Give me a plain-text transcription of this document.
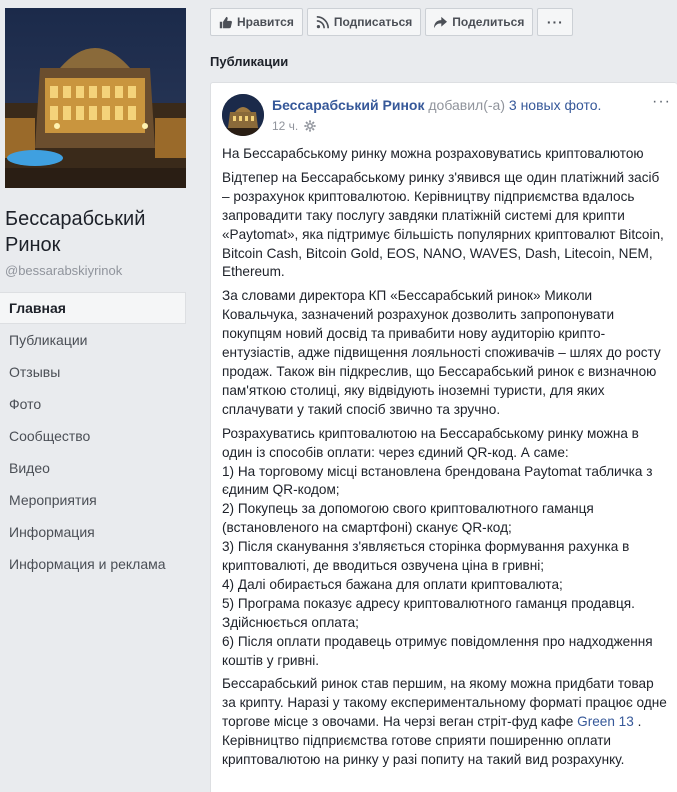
Бессарабський Ринок
@bessarabskiyrinok
Главная
Публикации
Отзывы
Фото
Сообщество
Видео
Мероприятия
Информация
Информация и реклама
Нравится	Подписаться	Поделиться ···
Публикации
Бессарабський Ринок добавил(-а) 3 новых фото.
12 ч.
···

На Бессарабському ринку можна розраховуватись криптовалютою

Відтепер на Бессарабському ринку з'явився ще один платіжний засіб – розрахунок криптовалютою. Керівництву підприємства вдалось запровадити таку послугу завдяки платіжній системі для крипти «Paytomat», яка підтримує більшість популярних криптовалют Bitcoin, Bitcoin Cash, Bitcoin Gold, EOS, NANO, WAVES, Dash, Litecoin, NEM, Ethereum.

За словами директора КП «Бессарабський ринок» Миколи Ковальчука, зазначений розрахунок дозволить запропонувати покупцям новий досвід та привабити нову аудиторію крипто-ентузіастів, адже підвищення лояльності споживачів – шлях до росту продаж. Також він підкреслив, що Бессарабський ринок є визначною пам'яткою столиці, яку відвідують іноземні туристи, для яких сплачувати у такий спосіб звично та зручно.

Розрахуватись криптовалютою на Бессарабському ринку можна в один із способів оплати: через єдиний QR-код. А саме:

1) На торговому місці встановлена брендована Paytomat табличка з єдиним QR-кодом;

2) Покупець за допомогою свого криптовалютного гаманця (встановленого на смартфоні) сканує QR-код;

3) Після сканування з'являється сторінка формування рахунка в криптовалюті, де вводиться озвучена ціна в гривні;

4) Далі обирається бажана для оплати криптовалюта;

5) Програма показує адресу криптовалютного гаманця продавця. Здійснюється оплата;

6) Після оплати продавець отримує повідомлення про надходження коштів у гривні.

Бессарабський ринок став першим, на якому можна придбати товар за крипту. Наразі у такому експериментальному форматі працює одне торгове місце з овочами. На черзі веган стріт-фуд кафе Green 13 .

Керівництво підприємства готове сприяти поширенню оплати криптовалютою на ринку у разі попиту на такий вид розрахунку.
